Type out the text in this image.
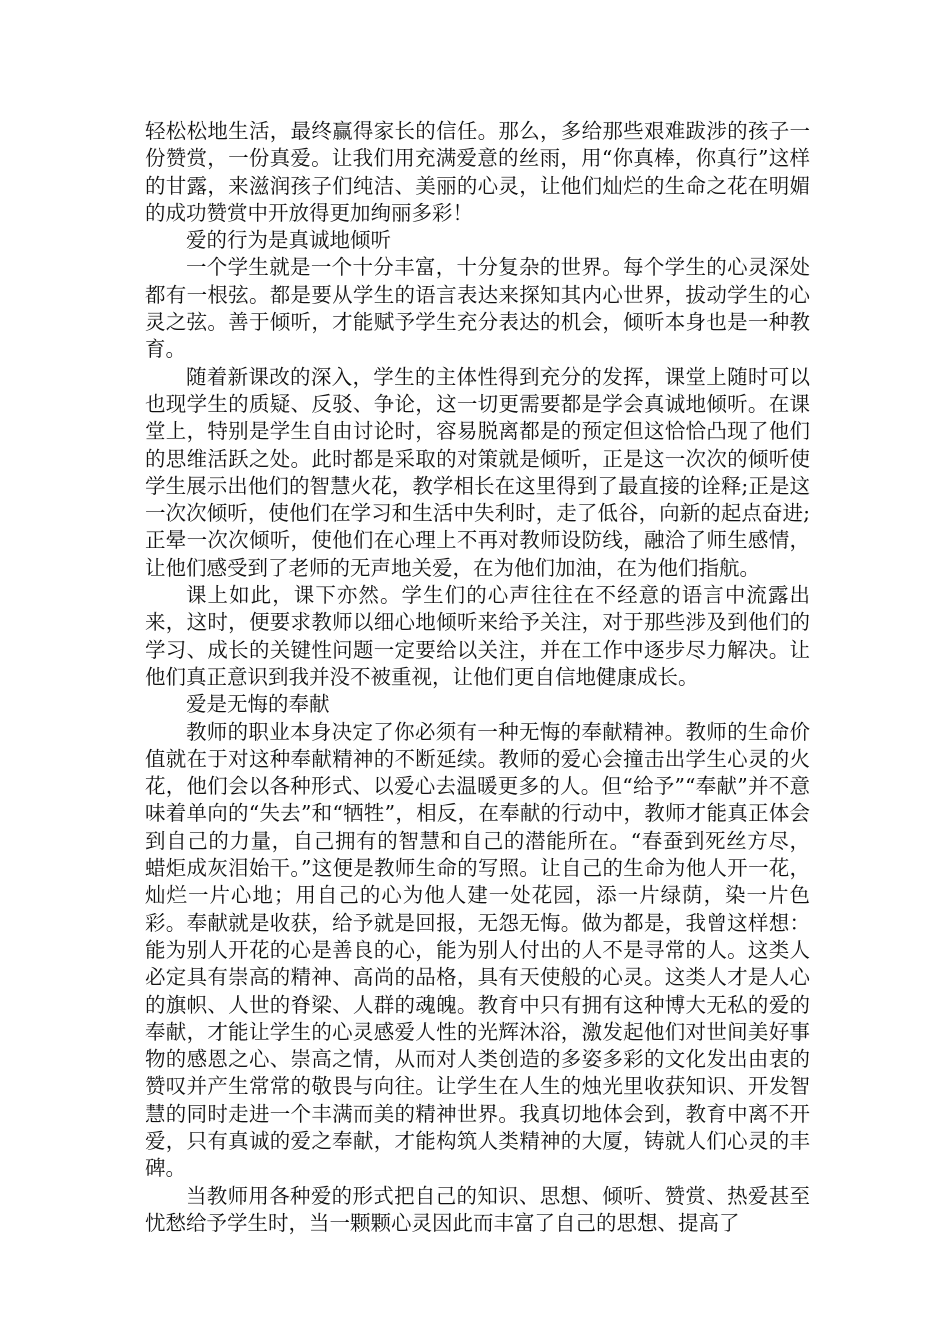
轻松松地生活，最终赢得家长的信任。那么，多给那些艰难跋涉的孩子一份赞赏，一份真爱。让我们用充满爱意的丝雨，用“你真棒，你真行”这样的甘露，来滋润孩子们纯洁、美丽的心灵，让他们灿烂的生命之花在明媚的成功赞赏中开放得更加绚丽多彩！

爱的行为是真诚地倾听

一个学生就是一个十分丰富，十分复杂的世界。每个学生的心灵深处都有一根弦。都是要从学生的语言表达来探知其内心世界，拔动学生的心灵之弦。善于倾听，才能赋予学生充分表达的机会，倾听本身也是一种教育。

随着新课改的深入，学生的主体性得到充分的发挥，课堂上随时可以也现学生的质疑、反驳、争论，这一切更需要都是学会真诚地倾听。在课堂上，特别是学生自由讨论时，容易脱离都是的预定但这恰恰凸现了他们的思维活跃之处。此时都是采取的对策就是倾听，正是这一次次的倾听使学生展示出他们的智慧火花，教学相长在这里得到了最直接的诠释;正是这一次次倾听，使他们在学习和生活中失利时，走了低谷，向新的起点奋进;正晕一次次倾听，使他们在心理上不再对教师设防线，融洽了师生感情，让他们感受到了老师的无声地关爱，在为他们加油，在为他们指航。

课上如此，课下亦然。学生们的心声往往在不经意的语言中流露出来，这时，便要求教师以细心地倾听来给予关注，对于那些涉及到他们的学习、成长的关键性问题一定要给以关注，并在工作中逐步尽力解决。让他们真正意识到我并没不被重视，让他们更自信地健康成长。

爱是无悔的奉献

教师的职业本身决定了你必须有一种无悔的奉献精神。教师的生命价值就在于对这种奉献精神的不断延续。教师的爱心会撞击出学生心灵的火花，他们会以各种形式、以爱心去温暖更多的人。但“给予”“奉献”并不意味着单向的“失去”和“牺牲”，相反，在奉献的行动中，教师才能真正体会到自己的力量，自己拥有的智慧和自己的潜能所在。“春蚕到死丝方尽，蜡炬成灰泪始干。”这便是教师生命的写照。让自己的生命为他人开一花，灿烂一片心地；用自己的心为他人建一处花园，添一片绿荫，染一片色彩。奉献就是收获，给予就是回报，无怨无悔。做为都是，我曾这样想：能为别人开花的心是善良的心，能为别人付出的人不是寻常的人。这类人必定具有崇高的精神、高尚的品格，具有天使般的心灵。这类人才是人心的旗帜、人世的脊梁、人群的魂魄。教育中只有拥有这种博大无私的爱的奉献，才能让学生的心灵感爱人性的光辉沐浴，激发起他们对世间美好事物的感恩之心、崇高之情，从而对人类创造的多姿多彩的文化发出由衷的赞叹并产生常常的敬畏与向往。让学生在人生的烛光里收获知识、开发智慧的同时走进一个丰满而美的精神世界。我真切地体会到，教育中离不开爱，只有真诚的爱之奉献，才能构筑人类精神的大厦，铸就人们心灵的丰碑。

当教师用各种爱的形式把自己的知识、思想、倾听、赞赏、热爱甚至忧愁给予学生时，当一颗颗心灵因此而丰富了自己的思想、提高了
